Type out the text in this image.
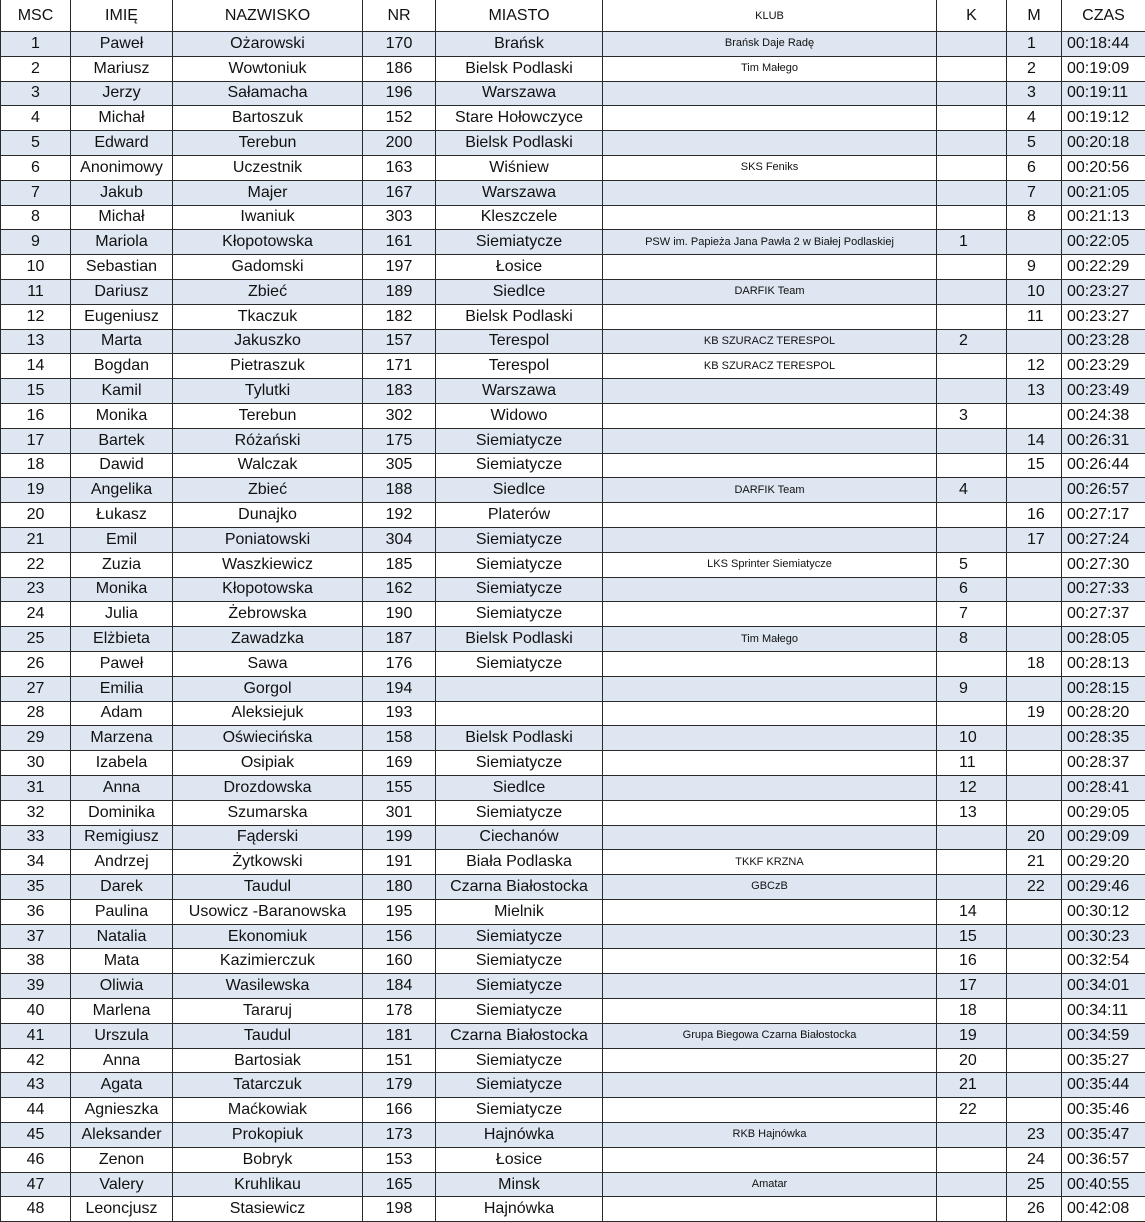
MSC	IMIĘ	NAZWISKO	NR	MIASTO	KLUB	K	M	CZAS
1	Paweł	Ożarowski	170	Brańsk	Brańsk Daje Radę		1	00:18:44
2	Mariusz	Wowtoniuk	186	Bielsk Podlaski	Tim Małego		2	00:19:09
3	Jerzy	Sałamacha	196	Warszawa			3	00:19:11
4	Michał	Bartoszuk	152	Stare Hołowczyce			4	00:19:12
5	Edward	Terebun	200	Bielsk Podlaski			5	00:20:18
6	Anonimowy	Uczestnik	163	Wiśniew	SKS Feniks		6	00:20:56
7	Jakub	Majer	167	Warszawa			7	00:21:05
8	Michał	Iwaniuk	303	Kleszczele			8	00:21:13
9	Mariola	Kłopotowska	161	Siemiatycze	PSW im. Papieża Jana Pawła 2 w Białej Podlaskiej	1		00:22:05
10	Sebastian	Gadomski	197	Łosice			9	00:22:29
11	Dariusz	Zbieć	189	Siedlce	DARFIK Team		10	00:23:27
12	Eugeniusz	Tkaczuk	182	Bielsk Podlaski			11	00:23:27
13	Marta	Jakuszko	157	Terespol	KB SZURACZ TERESPOL	2		00:23:28
14	Bogdan	Pietraszuk	171	Terespol	KB SZURACZ TERESPOL		12	00:23:29
15	Kamil	Tylutki	183	Warszawa			13	00:23:49
16	Monika	Terebun	302	Widowo		3		00:24:38
17	Bartek	Różański	175	Siemiatycze			14	00:26:31
18	Dawid	Walczak	305	Siemiatycze			15	00:26:44
19	Angelika	Zbieć	188	Siedlce	DARFIK Team	4		00:26:57
20	Łukasz	Dunajko	192	Platerów			16	00:27:17
21	Emil	Poniatowski	304	Siemiatycze			17	00:27:24
22	Zuzia	Waszkiewicz	185	Siemiatycze	LKS Sprinter Siemiatycze	5		00:27:30
23	Monika	Kłopotowska	162	Siemiatycze		6		00:27:33
24	Julia	Żebrowska	190	Siemiatycze		7		00:27:37
25	Elżbieta	Zawadzka	187	Bielsk Podlaski	Tim Małego	8		00:28:05
26	Paweł	Sawa	176	Siemiatycze			18	00:28:13
27	Emilia	Gorgol	194			9		00:28:15
28	Adam	Aleksiejuk	193				19	00:28:20
29	Marzena	Oświecińska	158	Bielsk Podlaski		10		00:28:35
30	Izabela	Osipiak	169	Siemiatycze		11		00:28:37
31	Anna	Drozdowska	155	Siedlce		12		00:28:41
32	Dominika	Szumarska	301	Siemiatycze		13		00:29:05
33	Remigiusz	Fąderski	199	Ciechanów			20	00:29:09
34	Andrzej	Żytkowski	191	Biała Podlaska	TKKF KRZNA		21	00:29:20
35	Darek	Taudul	180	Czarna Białostocka	GBCzB		22	00:29:46
36	Paulina	Usowicz -Baranowska	195	Mielnik		14		00:30:12
37	Natalia	Ekonomiuk	156	Siemiatycze		15		00:30:23
38	Mata	Kazimierczuk	160	Siemiatycze		16		00:32:54
39	Oliwia	Wasilewska	184	Siemiatycze		17		00:34:01
40	Marlena	Tararuj	178	Siemiatycze		18		00:34:11
41	Urszula	Taudul	181	Czarna Białostocka	Grupa Biegowa Czarna Białostocka	19		00:34:59
42	Anna	Bartosiak	151	Siemiatycze		20		00:35:27
43	Agata	Tatarczuk	179	Siemiatycze		21		00:35:44
44	Agnieszka	Maćkowiak	166	Siemiatycze		22		00:35:46
45	Aleksander	Prokopiuk	173	Hajnówka	RKB Hajnówka		23	00:35:47
46	Zenon	Bobryk	153	Łosice			24	00:36:57
47	Valery	Kruhlikau	165	Minsk	Amatar		25	00:40:55
48	Leoncjusz	Stasiewicz	198	Hajnówka			26	00:42:08
